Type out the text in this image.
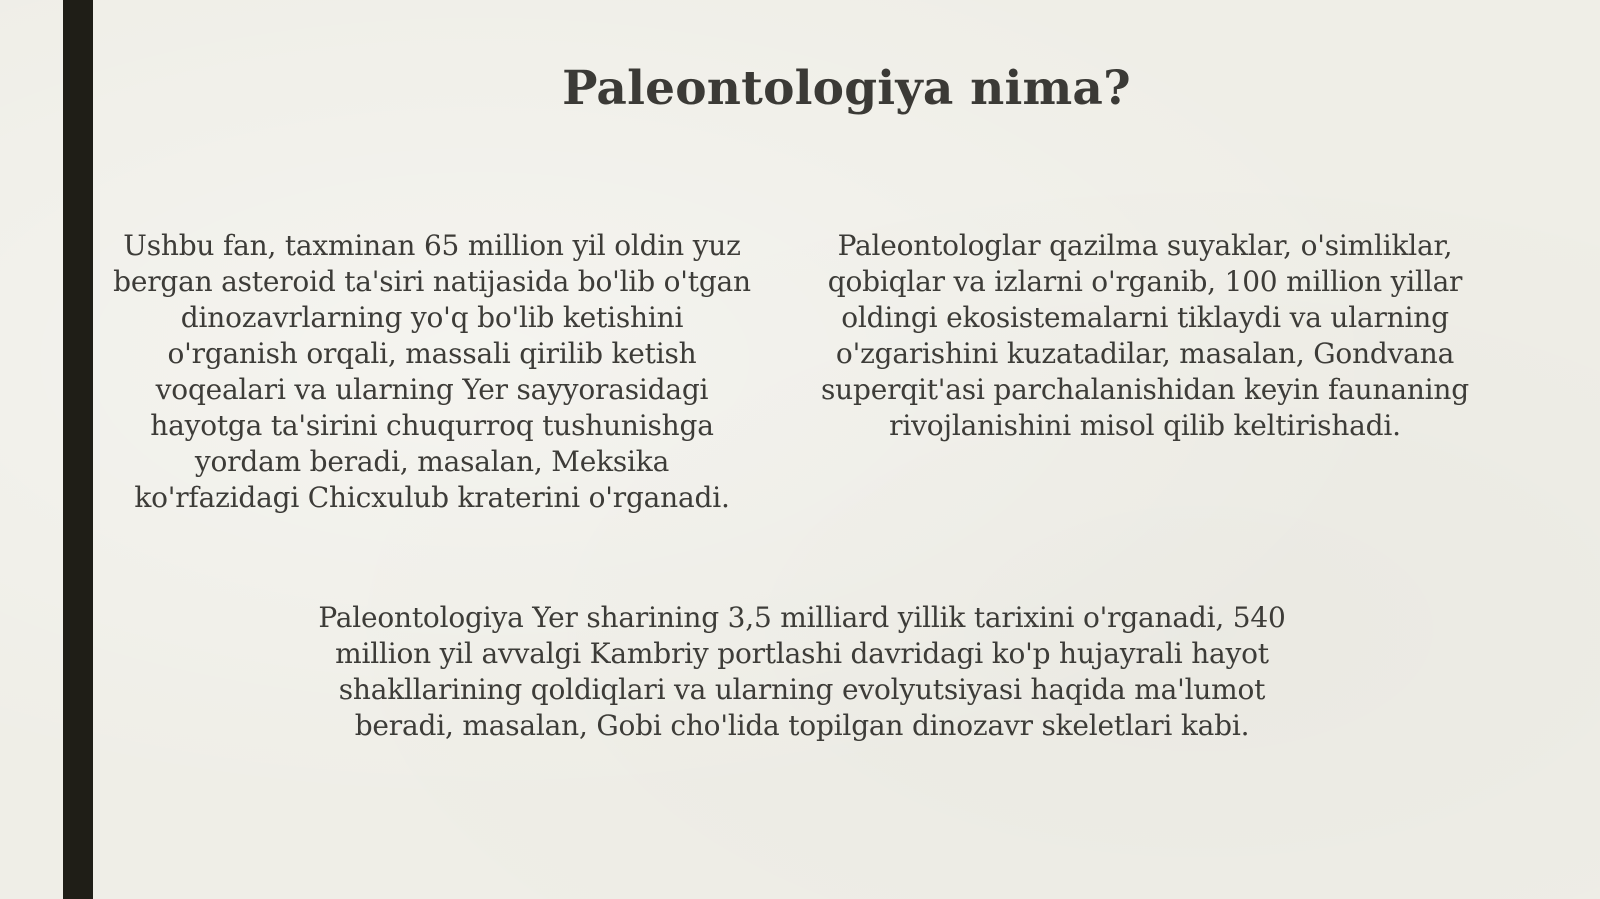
Paleontologiya nima?
Ushbu fan, taxminan 65 million yil oldin yuz
bergan asteroid ta'siri natijasida bo'lib o'tgan
dinozavrlarning yo'q bo'lib ketishini
o'rganish orqali, massali qirilib ketish
voqealari va ularning Yer sayyorasidagi
hayotga ta'sirini chuqurroq tushunishga
yordam beradi, masalan, Meksika
ko'rfazidagi Chicxulub kraterini o'rganadi.
Paleontologlar qazilma suyaklar, o'simliklar,
qobiqlar va izlarni o'rganib, 100 million yillar
oldingi ekosistemalarni tiklaydi va ularning
o'zgarishini kuzatadilar, masalan, Gondvana
superqit'asi parchalanishidan keyin faunaning
rivojlanishini misol qilib keltirishadi.
Paleontologiya Yer sharining 3,5 milliard yillik tarixini o'rganadi, 540
million yil avvalgi Kambriy portlashi davridagi ko'p hujayrali hayot
shakllarining qoldiqlari va ularning evolyutsiyasi haqida ma'lumot
beradi, masalan, Gobi cho'lida topilgan dinozavr skeletlari kabi.
